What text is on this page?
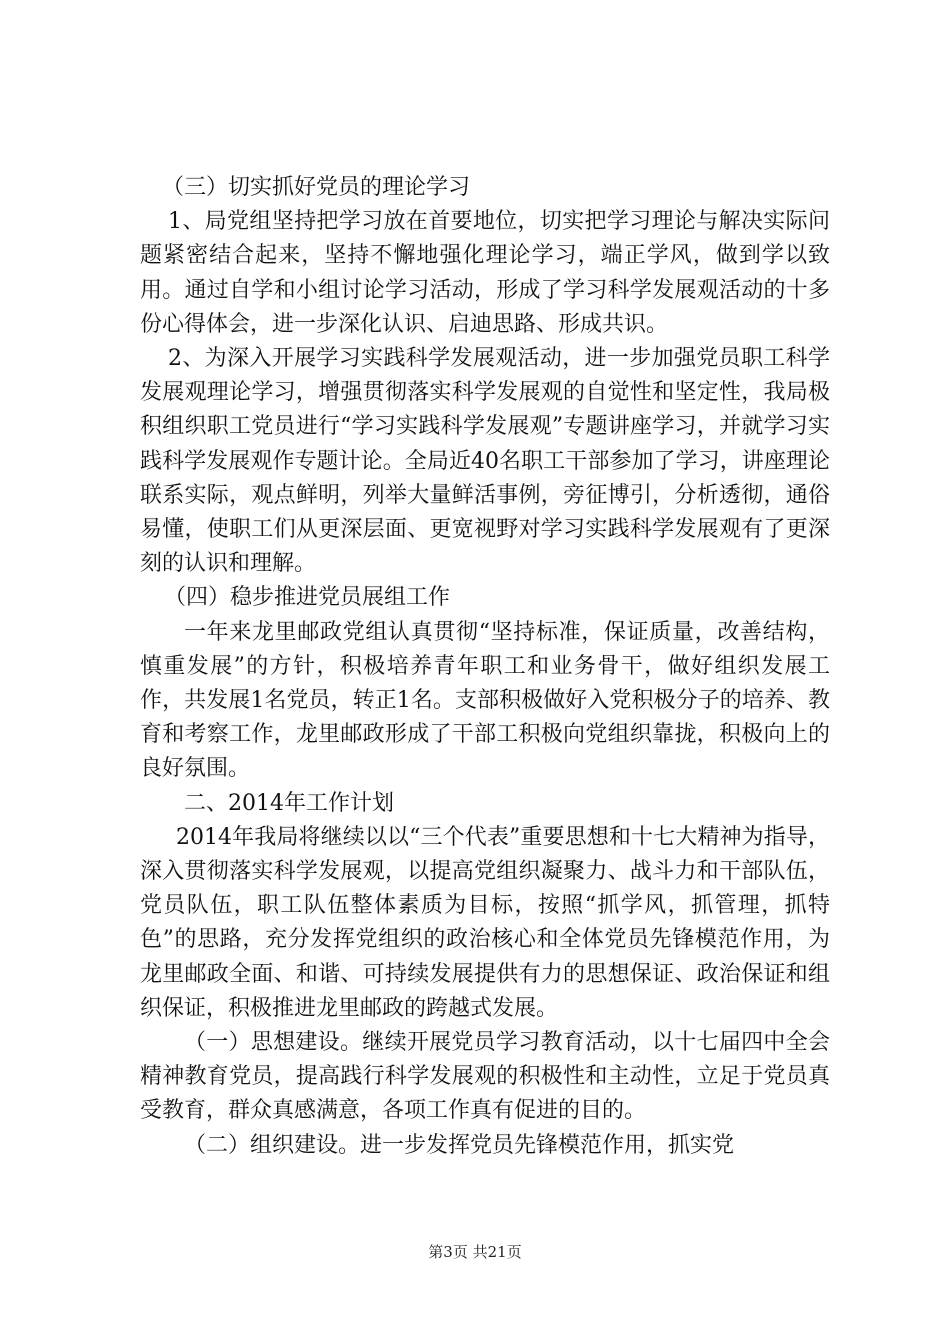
（三）切实抓好党员的理论学习

1、局党组坚持把学习放在首要地位，切实把学习理论与解决实际问题紧密结合起来，坚持不懈地强化理论学习，端正学风，做到学以致用。通过自学和小组讨论学习活动，形成了学习科学发展观活动的十多份心得体会，进一步深化认识、启迪思路、形成共识。

2、为深入开展学习实践科学发展观活动，进一步加强党员职工科学发展观理论学习，增强贯彻落实科学发展观的自觉性和坚定性，我局极积组织职工党员进行“学习实践科学发展观”专题讲座学习，并就学习实践科学发展观作专题计论。全局近40名职工干部参加了学习，讲座理论联系实际，观点鲜明，列举大量鲜活事例，旁征博引，分析透彻，通俗易懂，使职工们从更深层面、更宽视野对学习实践科学发展观有了更深刻的认识和理解。

（四）稳步推进党员展组工作

一年来龙里邮政党组认真贯彻“坚持标准，保证质量，改善结构，慎重发展”的方针，积极培养青年职工和业务骨干，做好组织发展工作，共发展1名党员，转正1名。支部积极做好入党积极分子的培养、教育和考察工作，龙里邮政形成了干部工积极向党组织靠拢，积极向上的良好氛围。

二、2014年工作计划

2014年我局将继续以以“三个代表”重要思想和十七大精神为指导，深入贯彻落实科学发展观，以提高党组织凝聚力、战斗力和干部队伍，党员队伍，职工队伍整体素质为目标，按照“抓学风，抓管理，抓特色”的思路，充分发挥党组织的政治核心和全体党员先锋模范作用，为龙里邮政全面、和谐、可持续发展提供有力的思想保证、政治保证和组织保证，积极推进龙里邮政的跨越式发展。

（一）思想建设。继续开展党员学习教育活动，以十七届四中全会精神教育党员，提高践行科学发展观的积极性和主动性，立足于党员真受教育，群众真感满意，各项工作真有促进的目的。

（二）组织建设。进一步发挥党员先锋模范作用，抓实党

第3页 共21页
